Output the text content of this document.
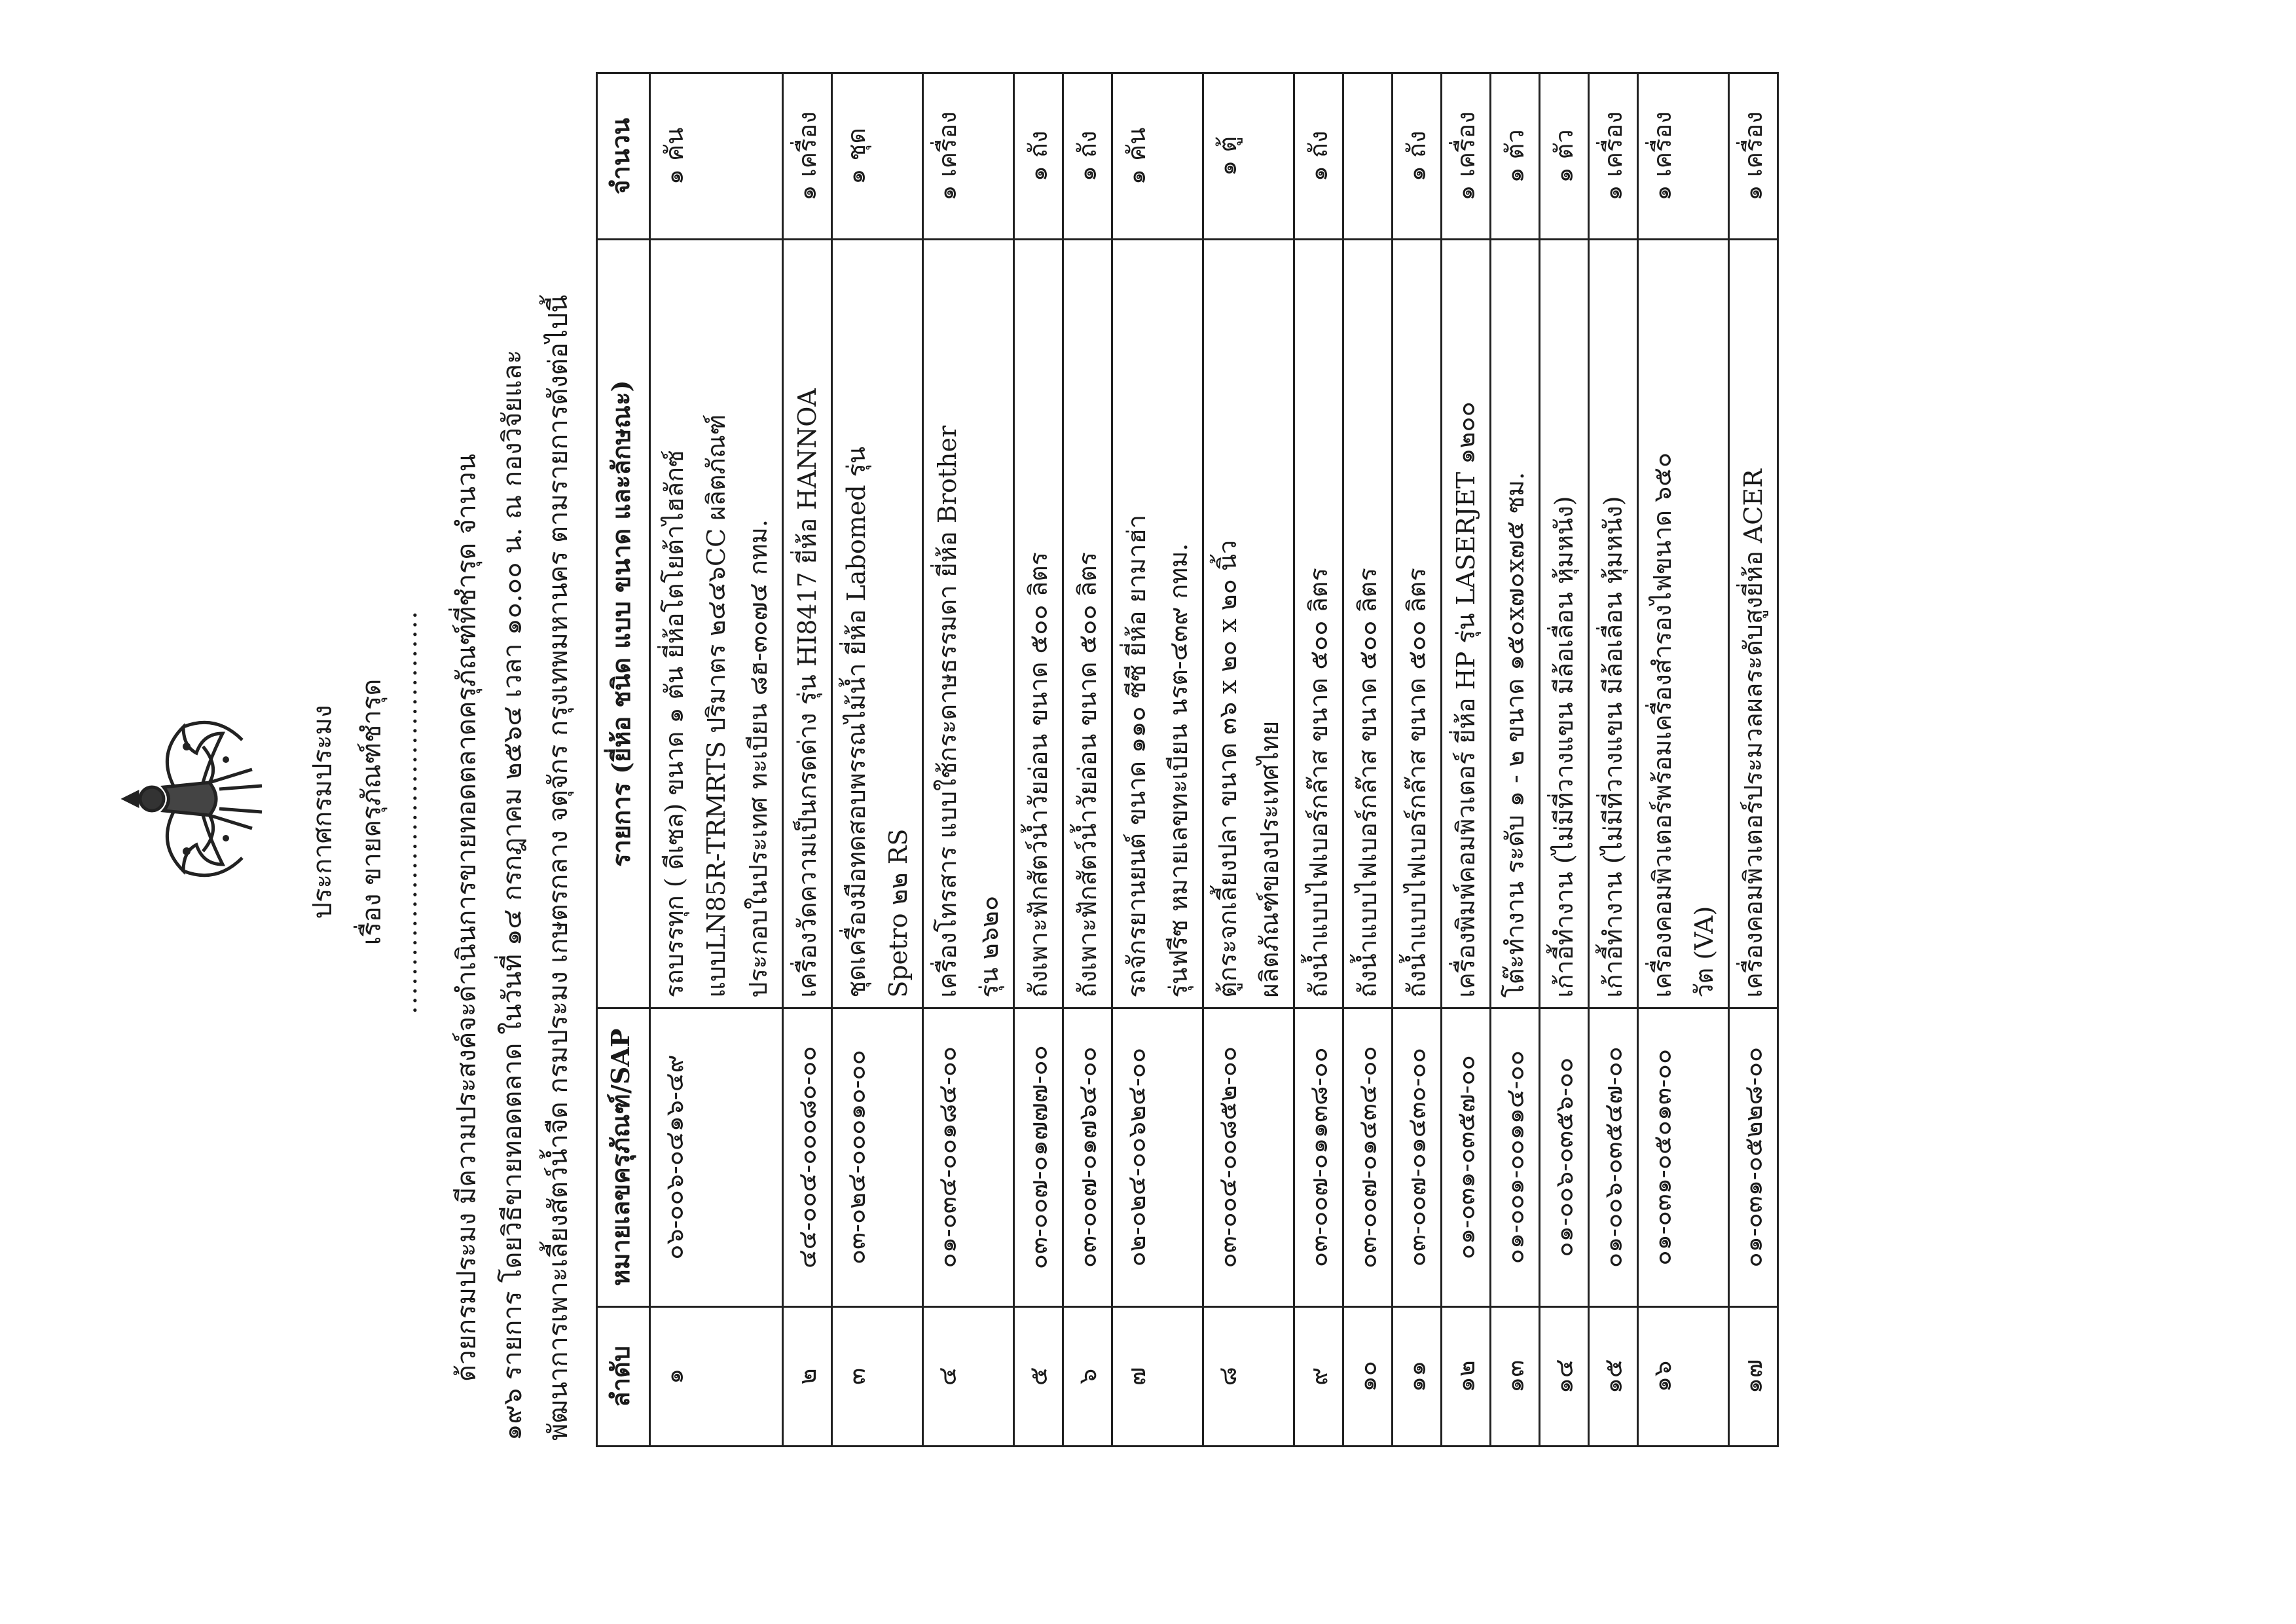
ประกาศกรมประมง เรื่อง ขายครุภัณฑ์ชำรุด .......................................... ด้วยกรมประมง มีความประสงค์จะดำเนินการขายทอดตลาดครุภัณฑ์ที่ชำรุด จำนวน ๑๙๖ รายการ โดยวิธีขายทอดตลาด ในวันที่ ๑๔ กรกฎาคม ๒๕๖๔ เวลา ๑๐.๐๐ น. ณ กองวิจัยและ พัฒนาการเพาะเลี้ยงสัตว์น้ำจืด กรมประมง เกษตรกลาง จตุจักร กรุงเทพมหานคร ตามรายการดังต่อไปนี้ ลำดับ	หมายเลขครุภัณฑ์/SAP	รายการ (ยี่ห้อ ชนิด แบบ ขนาด และลักษณะ)	จำนวน
๑	๐๖-๐๐๖-๐๔๑๖-๔๙	รถบรรทุก ( ดีเซล) ขนาด ๑ ตัน ยี่ห้อโตโยต้าไฮลักซ์
แบบLN85R-TRMRTS ปริมาตร ๒๔๔๖CC ผลิตภัณฑ์
ประกอบในประเทศ ทะเบียน ๘ฮ-๓๐๗๔ กทม.	๑ คัน
๒	๔๔-๐๐๔-๐๐๐๘๐-๐๐	เครื่องวัดความเป็นกรดด่าง รุ่น HI8417 ยี่ห้อ HANNOA	๑ เครื่อง
๓	๐๓-๐๒๔-๐๐๐๑๐-๐๐	ชุดเครื่องมือทดสอบพรรณไม้น้ำ ยี่ห้อ Labomed รุ่น
Spetro ๒๒ RS	๑ ชุด
๔	๐๑-๐๓๔-๐๐๑๘๔-๐๐	เครื่องโทรสาร แบบใช้กระดาษธรรมดา ยี่ห้อ Brother
รุ่น ๒๖๒๐	๑ เครื่อง
๕	๐๓-๐๐๗-๐๑๗๗๗-๐๐	ถังเพาะฟักสัตว์น้ำวัยอ่อน ขนาด ๕๐๐ ลิตร	๑ ถัง
๖	๐๓-๐๐๗-๐๑๗๖๔-๐๐	ถังเพาะฟักสัตว์น้ำวัยอ่อน ขนาด ๕๐๐ ลิตร	๑ ถัง
๗	๐๒-๐๒๔-๐๐๖๒๔-๐๐	รถจักรยานยนต์ ขนาด ๑๑๐ ซีซี ยี่ห้อ ยามาฮ่า
รุ่นฟรีซ หมายเลขทะเบียน นรต-๔๓๙ กทม.	๑ คัน
๘	๐๓-๐๐๔-๐๐๘๕๒-๐๐	ตู้กระจกเลี้ยงปลา ขนาด ๓๖ x ๒๐ x ๒๐ นิ้ว
ผลิตภัณฑ์ของประเทศไทย	๑ ตู้
๙	๐๓-๐๐๗-๐๑๑๓๘-๐๐	ถังน้ำแบบไฟเบอร์กล๊าส ขนาด ๕๐๐ ลิตร	๑ ถัง
๑๐	๐๓-๐๐๗-๐๑๔๓๔-๐๐	ถังน้ำแบบไฟเบอร์กล๊าส ขนาด ๕๐๐ ลิตร	
๑๑	๐๓-๐๐๗-๐๑๔๓๐-๐๐	ถังน้ำแบบไฟเบอร์กล๊าส ขนาด ๕๐๐ ลิตร	๑ ถัง
๑๒	๐๑-๐๓๑-๐๓๕๗-๐๐	เครื่องพิมพ์คอมพิวเตอร์ ยี่ห้อ HP รุ่น LASERJET ๑๒๐๐	๑ เครื่อง
๑๓	๐๑-๐๐๑-๐๐๑๑๔-๐๐	โต๊ะทำงาน ระดับ ๑ - ๒ ขนาด ๑๕๐x๗๐x๗๕ ซม.	๑ ตัว
๑๔	๐๑-๐๐๖-๐๓๕๖-๐๐	เก้าอี้ทำงาน (ไม่มีที่วางแขน มีล้อเลื่อน หุ้มหนัง)	๑ ตัว
๑๕	๐๑-๐๐๖-๐๓๕๔๗-๐๐	เก้าอี้ทำงาน (ไม่มีที่วางแขน มีล้อเลื่อน หุ้มหนัง)	๑ เครื่อง
๑๖	๐๑-๐๓๑-๐๕๐๑๓-๐๐	เครื่องคอมพิวเตอร์พร้อมเครื่องสำรองไฟขนาด ๖๕๐
วัต (VA)	๑ เครื่อง
๑๗	๐๑-๐๓๑-๐๕๒๒๘-๐๐	เครื่องคอมพิวเตอร์ประมวลผลระดับสูงยี่ห้อ ACER	๑ เครื่อง
